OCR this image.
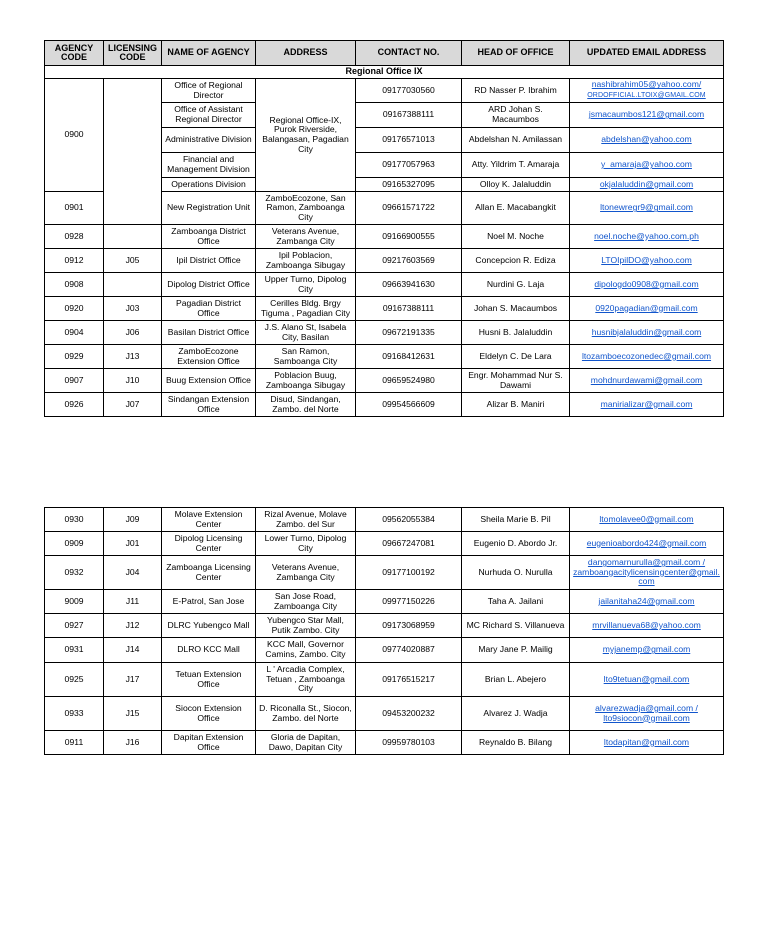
AGENCY CODE	LICENSING CODE	NAME OF AGENCY	ADDRESS	CONTACT NO.	HEAD OF OFFICE	UPDATED EMAIL ADDRESS
Regional Office IX						
0900		Office of Regional Director	Regional Office-IX, Purok Riverside, Balangasan, Pagadian City	09177030560	RD Nasser P. Ibrahim	nashibrahim05@yahoo.com/
ORDOFFICIAL.LTOIX@GMAIL.COM
		Office of Assistant Regional Director		09167388111	ARD Johan S. Macaumbos	jsmacaumbos121@gmail.com
		Administrative Division		09176571013	Abdelshan N. Amilassan	abdelshan@yahoo.com
		Financial and Management Division		09177057963	Atty. Yildrim T. Amaraja	y_amaraja@yahoo.com
		Operations Division		09165327095	Olloy K. Jalaluddin	okjalaluddin@gmail.com
0901		New Registration Unit	ZamboEcozone, San Ramon, Zamboanga City	09661571722	Allan E. Macabangkit	ltonewregr9@gmail.com
0928		Zamboanga District Office	Veterans Avenue, Zambanga City	09166900555	Noel M. Noche	noel.noche@yahoo.com.ph
0912	J05	Ipil District Office	Ipil Poblacion, Zamboanga Sibugay	09217603569	Concepcion R. Ediza	LTOIpilDO@yahoo.com
0908		Dipolog District Office	Upper Turno, Dipolog City	09663941630	Nurdini G. Laja	dipologdo0908@gmail.com
0920	J03	Pagadian District Office	Cerilles Bldg. Brgy Tiguma , Pagadian City	09167388111	Johan S. Macaumbos	0920pagadian@gmail.com
0904	J06	Basilan District Office	J.S. Alano St, Isabela City, Basilan	09672191335	Husni B. Jalaluddin	husnibjalaluddin@gmail.com
0929	J13	ZamboEcozone Extension Office	San Ramon, Samboanga City	09168412631	Eldelyn C. De Lara	ltozamboecozonedec@gmail.com
0907	J10	Buug Extension Office	Poblacion Buug, Zamboanga Sibugay	09659524980	Engr. Mohammad Nur S. Dawami	mohdnurdawami@gmail.com
0926	J07	Sindangan Extension Office	Disud, Sindangan, Zambo. del Norte	09954566609	Alizar B. Maniri	manirializar@gmail.com
0930	J09	Molave Extension Center	Rizal Avenue, Molave Zambo. del Sur	09562055384	Sheila Marie B. Pil	ltomolavee0@gmail.com
0909	J01	Dipolog Licensing Center	Lower Turno, Dipolog City	09667247081	Eugenio D. Abordo Jr.	eugenioabordo424@gmail.com
0932	J04	Zamboanga Licensing Center	Veterans Avenue, Zambanga City	09177100192	Nurhuda O. Nurulla	dangomarnurulla@gmail.com / zamboangacitylicensingcenter@gmail.com
9009	J11	E-Patrol, San Jose	San Jose Road, Zamboanga City	09977150226	Taha A. Jailani	jailanitaha24@gmail.com
0927	J12	DLRC Yubengco Mall	Yubengco Star Mall, Putik Zambo. City	09173068959	MC Richard S. Villanueva	mrvillanueva68@yahoo.com
0931	J14	DLRO KCC Mall	KCC Mall, Governor Camins, Zambo. City	09774020887	Mary Jane P. Mailig	myjanemp@gmail.com
0925	J17	Tetuan Extension Office	L ' Arcadia Complex, Tetuan , Zamboanga City	09176515217	Brian L. Abejero	lto9tetuan@gmail.com
0933	J15	Siocon Extension Office	D. Riconalla St., Siocon, Zambo. del Norte	09453200232	Alvarez J. Wadja	alvarezwadja@gmail.com / lto9siocon@gmail.com
0911	J16	Dapitan Extension Office	Gloria de Dapitan, Dawo, Dapitan City	09959780103	Reynaldo B. Bilang	ltodapitan@gmail.com
